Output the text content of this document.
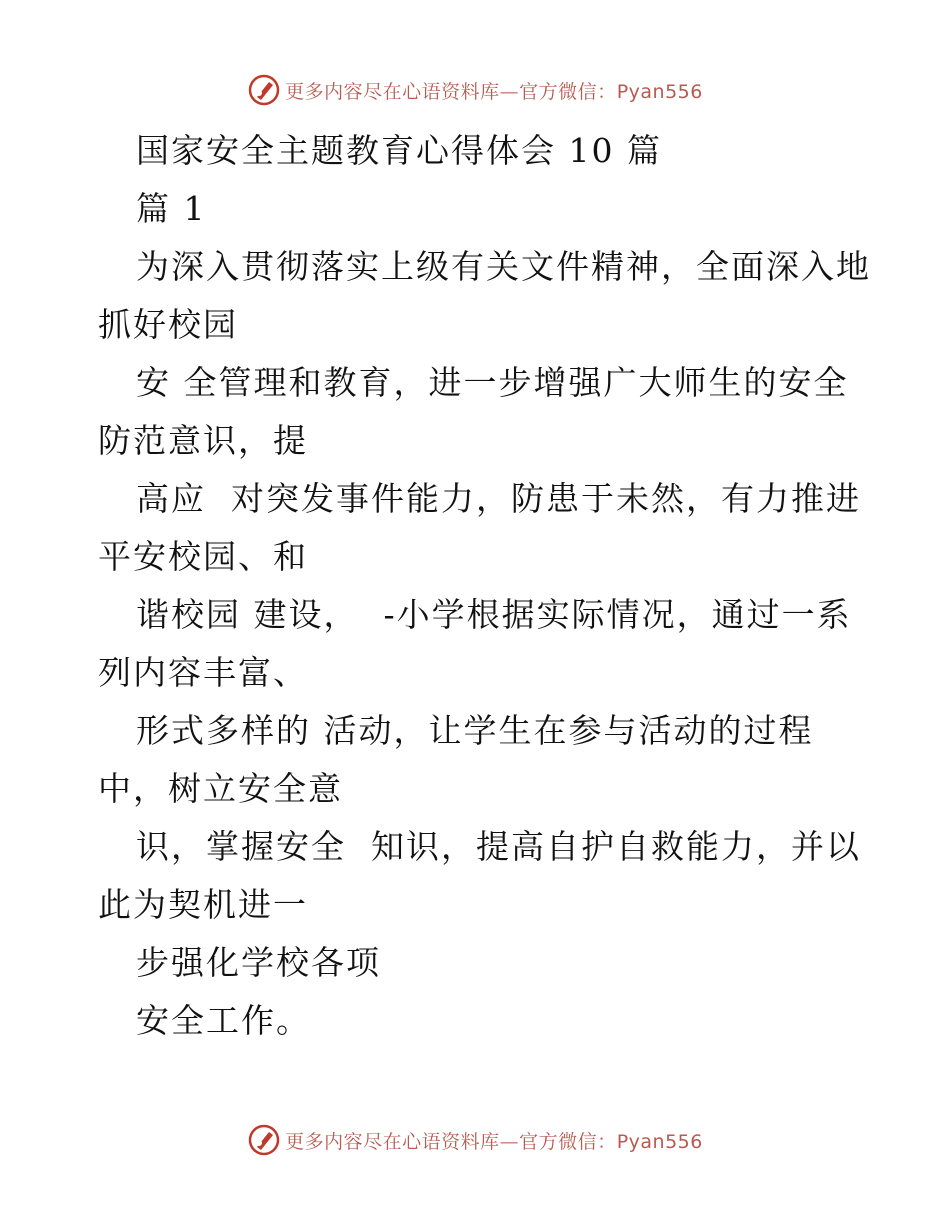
更多内容尽在心语资料库—官方微信：Pyan556
国家安全主题教育心得体会 10 篇
篇 1
为深入贯彻落实上级有关文件精神，全面深入地
抓好校园
安 全管理和教育，进一步增强广大师生的安全
防范意识，提
高应  对突发事件能力，防患于未然，有力推进
平安校园、和
谐校园 建设，  -小学根据实际情况，通过一系
列内容丰富、
形式多样的 活动，让学生在参与活动的过程
中，树立安全意
识，掌握安全  知识，提高自护自救能力，并以
此为契机进一
步强化学校各项
安全工作。
更多内容尽在心语资料库—官方微信：Pyan556
